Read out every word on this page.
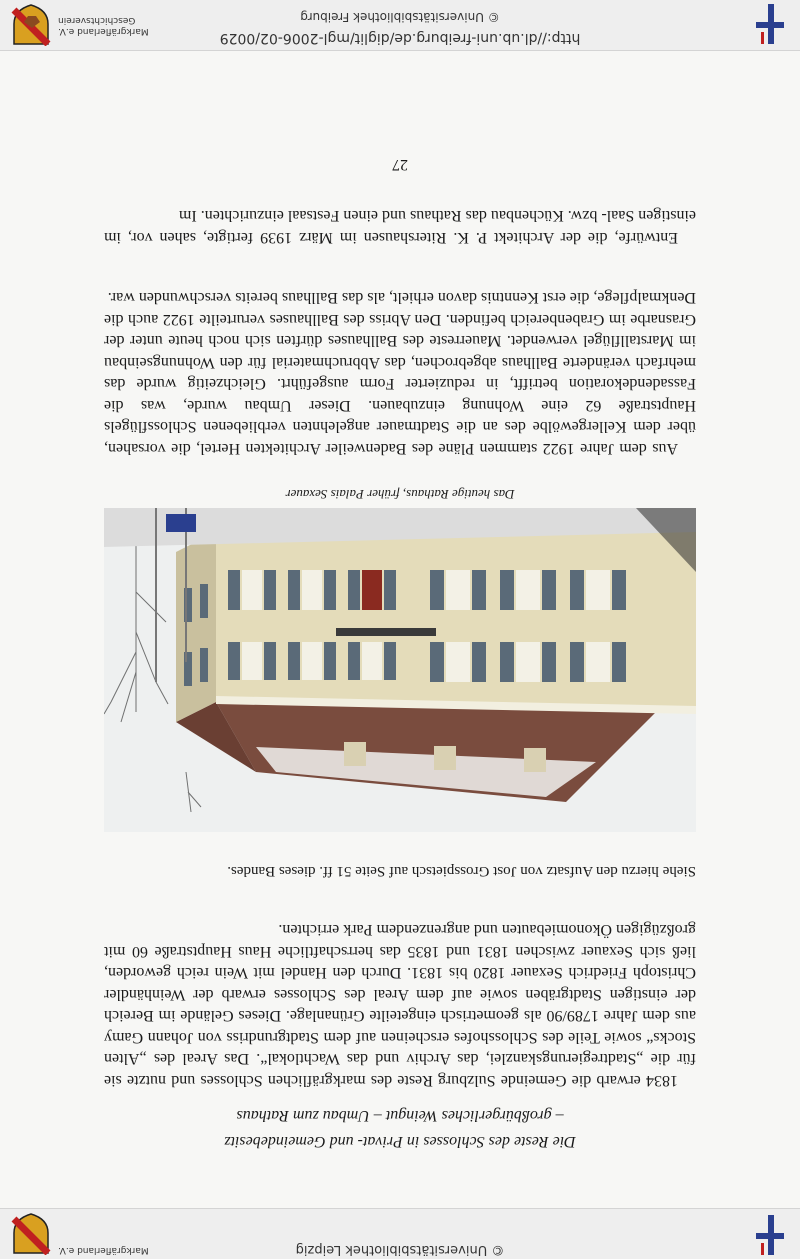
© Universitätsbibliothek Leipzig
Markgräflerland e.V.
http://dl.ub.uni-freiburg.de/diglit/mgl-2006-02/0029
© Universitätsbibliothek Freiburg
Markgräflerland e.V. Geschichtsverein
Die Reste des Schlosses in Privat- und Gemeindebesitz
– großbürgerliches Weingut – Umbau zum Rathaus

1834 erwarb die Gemeinde Sulzburg Reste des markgräflichen Schlosses und nutzte sie für die „Stadtregierungskanzlei, das Archiv und das Wachtlokal“. Das Areal des „Alten Stocks“ sowie Teile des Schlosshofes erscheinen auf dem Stadtgrundriss von Johann Gamy aus dem Jahre 1789/90 als geometrisch eingeteilte Grünanlage. Dieses Gelände im Bereich der einstigen Stadtgräben sowie auf dem Areal des Schlosses erwarb der Weinhändler Christoph Friedrich Sexauer 1820 bis 1831. Durch den Handel mit Wein reich geworden, ließ sich Sexauer zwischen 1831 und 1835 das herrschaftliche Haus Hauptstraße 60 mit großzügigen Ökonomiebauten und angrenzendem Park errichten.

Siehe hierzu den Aufsatz von Jost Grosspietsch auf Seite 51 ff. dieses Bandes.
Das heutige Rathaus, früher Palais Sexauer

Aus dem Jahre 1922 stammen Pläne des Badenweiler Architekten Hertel, die vorsahen, über dem Kellergewölbe des an die Stadtmauer angelehnten verbliebenen Schlossflügels Hauptstraße 62 eine Wohnung einzubauen. Dieser Umbau wurde, was die Fassadendekoration betrifft, in reduzierter Form ausgeführt. Gleichzeitig wurde das mehrfach veränderte Ballhaus abgebrochen, das Abbruchmaterial für den Wohnungseinbau im Marstallflügel verwendet. Mauerreste des Ballhauses dürften sich noch heute unter der Grasnarbe im Grabenbereich befinden. Den Abriss des Ballhauses verurteilte 1922 auch die Denkmalpflege, die erst Kenntnis davon erhielt, als das Ballhaus bereits verschwunden war.

Entwürfe, die der Architekt P. K. Ritershausen im März 1939 fertigte, sahen vor, im einstigen Saal- bzw. Küchenbau das Rathaus und einen Festsaal einzurichten. Im

27
